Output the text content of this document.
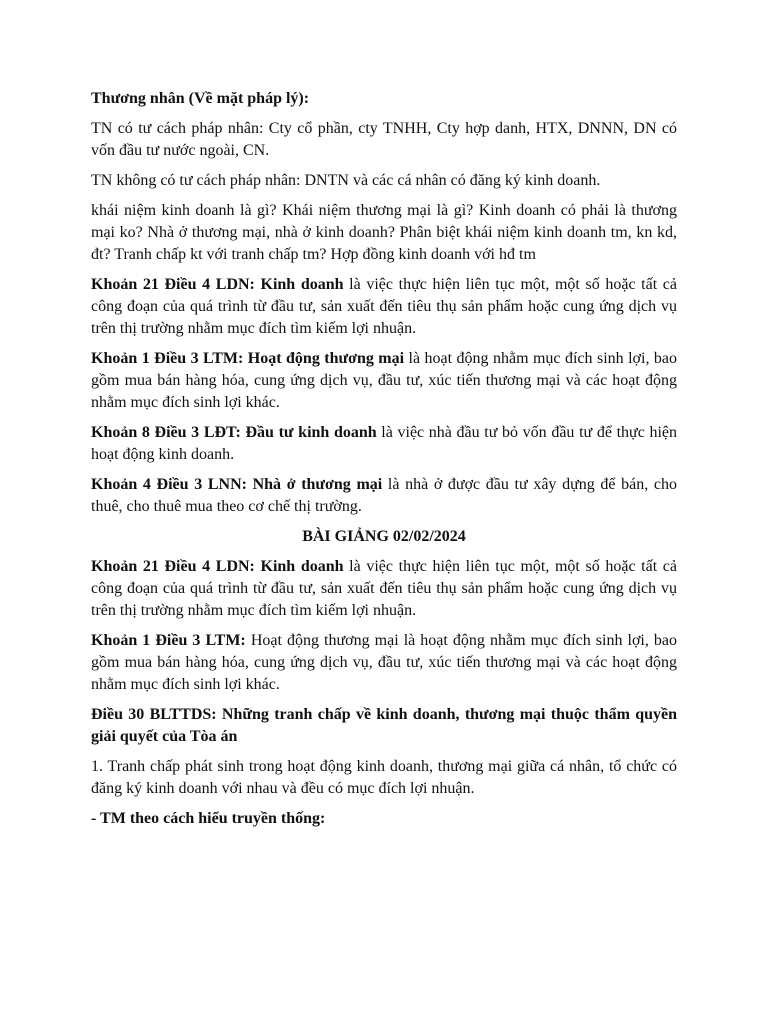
Thương nhân (Về mặt pháp lý):

TN có tư cách pháp nhân: Cty cổ phần, cty TNHH, Cty hợp danh, HTX, DNNN, DN có vốn đầu tư nước ngoài, CN.

TN không có tư cách pháp nhân: DNTN và các cá nhân có đăng ký kinh doanh.

khái niệm kinh doanh là gì? Khái niệm thương mại là gì? Kinh doanh có phải là thương mại ko? Nhà ở thương mại, nhà ở kinh doanh? Phân biệt khái niệm kinh doanh tm, kn kd, đt? Tranh chấp kt với tranh chấp tm? Hợp đồng kinh doanh với hđ tm

Khoản 21 Điều 4 LDN: Kinh doanh là việc thực hiện liên tục một, một số hoặc tất cả công đoạn của quá trình từ đầu tư, sản xuất đến tiêu thụ sản phẩm hoặc cung ứng dịch vụ trên thị trường nhằm mục đích tìm kiếm lợi nhuận.

Khoản 1 Điều 3 LTM: Hoạt động thương mại là hoạt động nhằm mục đích sinh lợi, bao gồm mua bán hàng hóa, cung ứng dịch vụ, đầu tư, xúc tiến thương mại và các hoạt động nhằm mục đích sinh lợi khác.

Khoản 8 Điều 3 LĐT: Đầu tư kinh doanh là việc nhà đầu tư bỏ vốn đầu tư để thực hiện hoạt động kinh doanh.

Khoản 4 Điều 3 LNN: Nhà ở thương mại là nhà ở được đầu tư xây dựng để bán, cho thuê, cho thuê mua theo cơ chế thị trường.

BÀI GIẢNG 02/02/2024

Khoản 21 Điều 4 LDN: Kinh doanh là việc thực hiện liên tục một, một số hoặc tất cả công đoạn của quá trình từ đầu tư, sản xuất đến tiêu thụ sản phẩm hoặc cung ứng dịch vụ trên thị trường nhằm mục đích tìm kiếm lợi nhuận.

Khoản 1 Điều 3 LTM: Hoạt động thương mại là hoạt động nhằm mục đích sinh lợi, bao gồm mua bán hàng hóa, cung ứng dịch vụ, đầu tư, xúc tiến thương mại và các hoạt động nhằm mục đích sinh lợi khác.

Điều 30 BLTTDS: Những tranh chấp về kinh doanh, thương mại thuộc thẩm quyền giải quyết của Tòa án

1. Tranh chấp phát sinh trong hoạt động kinh doanh, thương mại giữa cá nhân, tổ chức có đăng ký kinh doanh với nhau và đều có mục đích lợi nhuận.

- TM theo cách hiểu truyền thống:
